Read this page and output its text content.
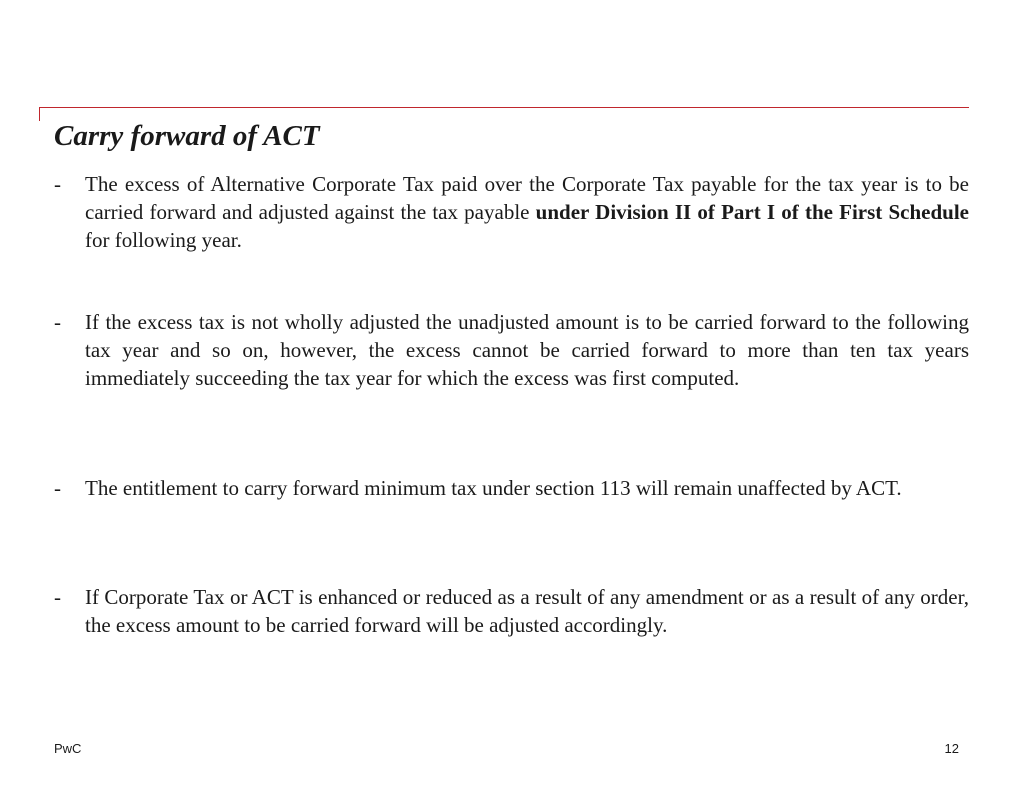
Carry forward of ACT
- The excess of Alternative Corporate Tax paid over the Corporate Tax payable for the tax year is to be carried forward and adjusted against the tax payable under Division II of Part I of the First Schedule for following year.
- If the excess tax is not wholly adjusted the unadjusted amount is to be carried forward to the following tax year and so on, however, the excess cannot be carried forward to more than ten tax years immediately succeeding the tax year for which the excess was first computed.
- The entitlement to carry forward minimum tax under section 113 will remain unaffected by ACT.
- If Corporate Tax or ACT is enhanced or reduced as a result of any amendment or as a result of any order, the excess amount to be carried forward will be adjusted accordingly.
PwC	12
